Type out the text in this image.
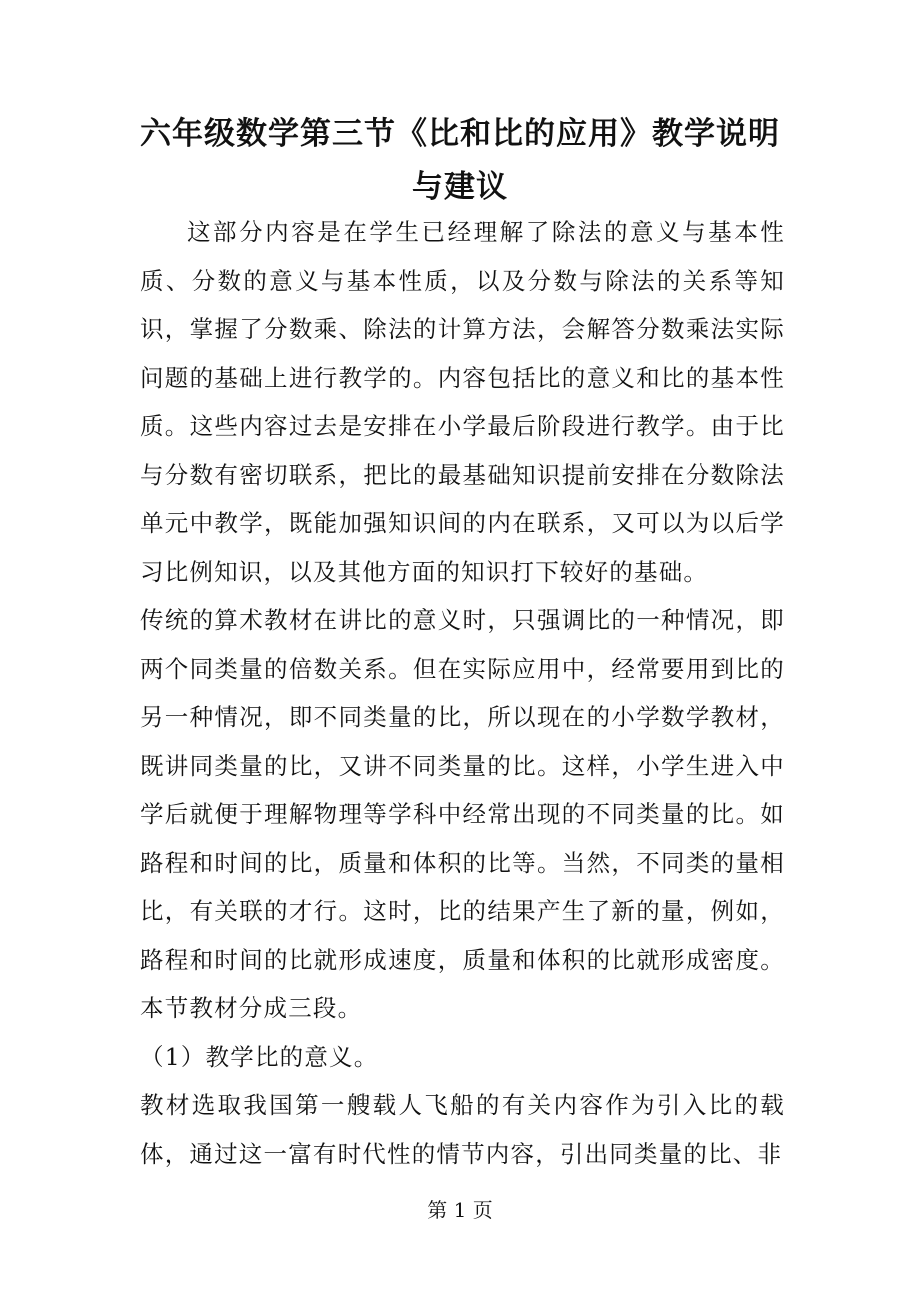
六年级数学第三节《比和比的应用》教学说明与建议

这部分内容是在学生已经理解了除法的意义与基本性质、分数的意义与基本性质，以及分数与除法的关系等知识，掌握了分数乘、除法的计算方法，会解答分数乘法实际问题的基础上进行教学的。内容包括比的意义和比的基本性质。这些内容过去是安排在小学最后阶段进行教学。由于比与分数有密切联系，把比的最基础知识提前安排在分数除法单元中教学，既能加强知识间的内在联系，又可以为以后学习比例知识，以及其他方面的知识打下较好的基础。

传统的算术教材在讲比的意义时，只强调比的一种情况，即两个同类量的倍数关系。但在实际应用中，经常要用到比的另一种情况，即不同类量的比，所以现在的小学数学教材，既讲同类量的比，又讲不同类量的比。这样，小学生进入中学后就便于理解物理等学科中经常出现的不同类量的比。如路程和时间的比，质量和体积的比等。当然，不同类的量相比，有关联的才行。这时，比的结果产生了新的量，例如，路程和时间的比就形成速度，质量和体积的比就形成密度。本节教材分成三段。

（1）教学比的意义。

教材选取我国第一艘载人飞船的有关内容作为引入比的载体，通过这一富有时代性的情节内容，引出同类量的比、非

第 1 页
